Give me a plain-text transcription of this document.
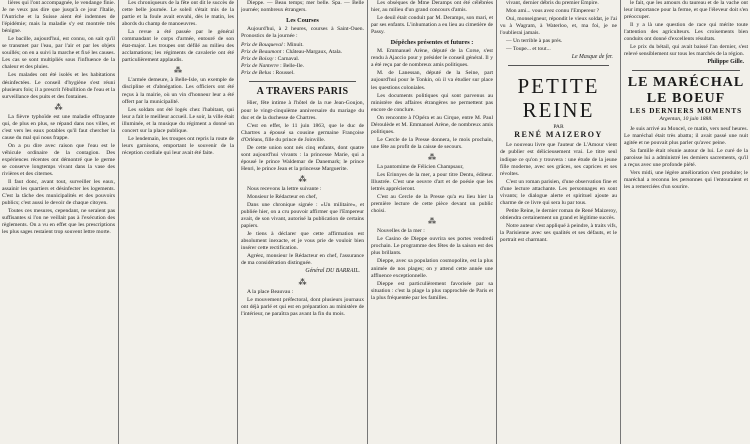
lières qui l'ont accompagnée, le vendange finie. Je ne veux pas dire que jusqu'à ce jour l'Italie, l'Autriche et la Suisse aient été indemnes de l'épidémie; mais la maladie s'y est montrée très bénigne.

Le bacille, aujourd'hui, est connu, on sait qu'il se transmet par l'eau, par l'air et par les objets souillés; on en a suivi la marche et fixé les causes. Les cas se sont multipliés sous l'influence de la chaleur et des pluies.

Les malades ont été isolés et les habitations désinfectées. Le conseil d'hygiène s'est réuni plusieurs fois; il a prescrit l'ébullition de l'eau et la surveillance des puits et des fontaines.

⁂

La fièvre typhoïde est une maladie effrayante qui, de plus en plus, se répand dans nos villes, et c'est vers les eaux potables qu'il faut chercher la cause du mal qui nous frappe.

On a pu dire avec raison que l'eau est le véhicule ordinaire de la contagion. Des expériences récentes ont démontré que le germe se conserve longtemps vivant dans la vase des rivières et des citernes.

Il faut donc, avant tout, surveiller les eaux, assainir les quartiers et désinfecter les logements. C'est la tâche des municipalités et des pouvoirs publics; c'est aussi le devoir de chaque citoyen.

Toutes ces mesures, cependant, ne seraient pas suffisantes si l'on ne veillait pas à l'exécution des règlements. On a vu en effet que les prescriptions les plus sages restaient trop souvent lettre morte.

Les chroniqueurs de la fête ont dit le succès de cette belle journée. Le soleil s'était mis de la partie et la foule avait envahi, dès le matin, les abords du champ de manoeuvres.

La revue a été passée par le général commandant le corps d'armée, entouré de son état-major. Les troupes ont défilé au milieu des acclamations; les régiments de cavalerie ont été particulièrement applaudis.

⁂

L'armée demeure, à Belle-Isle, un exemple de discipline et d'abnégation. Les officiers ont été reçus à la mairie, où un vin d'honneur leur a été offert par la municipalité.

Les soldats ont été logés chez l'habitant, qui leur a fait le meilleur accueil. Le soir, la ville était illuminée, et la musique du régiment a donné un concert sur la place publique.

Le lendemain, les troupes ont repris la route de leurs garnisons, emportant le souvenir de la réception cordiale qui leur avait été faite.

Dieppe. — Beau temps; mer belle. Spa. — Belle journée; nombreux étrangers.

Les Courses

Aujourd'hui, à 2 heures, courses à Saint-Ouen. Pronostics de la journée :

Prix de Bouqueval : Minuit.
Prix de Beaumont : Château-Margaux, Atala.
Prix de Boissy : Carnaval.
Prix de Nanterre : Belle-Ile.
Prix de Belus : Roussel.
A TRAVERS PARIS

Hier, fête intime à l'hôtel de la rue Jean-Goujon, pour le vingt-cinquième anniversaire du mariage du duc et de la duchesse de Chartres.

C'est en effet, le 11 juin 1863, que le duc de Chartres a épousé sa cousine germaine Françoise d'Orléans, fille du prince de Joinville.

De cette union sont nés cinq enfants, dont quatre sont aujourd'hui vivants : la princesse Marie, qui a épousé le prince Waldemar de Danemark; le prince Henri, le prince Jean et la princesse Marguerite.

⁂

Nous recevons la lettre suivante :

Monsieur le Rédacteur en chef,

Dans une chronique signée : «Un militaire», et publiée hier, on a cru pouvoir affirmer que l'Empereur avait, de son vivant, autorisé la publication de certains papiers.

Je tiens à déclarer que cette affirmation est absolument inexacte, et je vous prie de vouloir bien insérer cette rectification.

Agréez, monsieur le Rédacteur en chef, l'assurance de ma considération distinguée.

Général DU BARRAIL.
⁂

A la place Beauvau :

Le mouvement préfectoral, dont plusieurs journaux ont déjà parlé et qui est en préparation au ministère de l'intérieur, ne paraîtra pas avant la fin du mois.

Les obsèques de Mme Deramps ont été célébrées hier, au milieu d'un grand concours d'amis.

Le deuil était conduit par M. Deramps, son mari, et par ses enfants. L'inhumation a eu lieu au cimetière de Passy.

Dépêches présentes et futures :

M. Emmanuel Arène, député de la Corse, s'est rendu à Ajaccio pour y présider le conseil général. Il y a été reçu par de nombreux amis politiques.

M. de Lanessan, député de la Seine, part aujourd'hui pour le Tonkin, où il va étudier sur place les questions coloniales.

Les documents politiques qui sont parvenus au ministère des affaires étrangères ne permettent pas encore de conclure.

On rencontre à l'Opéra et au Cirque, entre M. Paul Déroulède et M. Emmanuel Arène, de nombreux amis politiques.

Le Cercle de la Presse donnera, le mois prochain, une fête au profit de la caisse de secours.

⁂

La pantomime de Félicien Champsaur,

Les Erinnyes de la mer, a pour titre Dentu, éditeur. Illustrée. C'est une oeuvre d'art et de poésie que les lettrés apprécieront.

C'est au Cercle de la Presse qu'a eu lieu hier la première lecture de cette pièce devant un public choisi.

⁂

Nouvelles de la mer :

Le Casino de Dieppe ouvrira ses portes vendredi prochain. Le programme des fêtes de la saison est des plus brillants.

Dieppe, avec sa population cosmopolite, est la plus animée de nos plages; on y attend cette année une affluence exceptionnelle.

Dieppe est particulièrement favorisée par sa situation : c'est la plage la plus rapprochée de Paris et la plus fréquentée par les familles.

vivant, dernier débris du premier Empire.

Mon ami... vous avez connu l'Empereur ?

Oui, monseigneur, répondit le vieux soldat, je l'ai vu à Wagram, à Waterloo, et, ma foi, je ne l'oublierai jamais.

— Un terrible à pas prés.

— Toupe... et tout...

Le Masque de fer.
PETITE REINE
PAR
RENÉ MAIZEROY

Le nouveau livre que l'auteur de L'Amour vient de publier est délicieusement vrai. Le titre seul indique ce qu'on y trouvera : une étude de la jeune fille moderne, avec ses grâces, ses caprices et ses révoltes.

C'est un roman parisien, d'une observation fine et d'une lecture attachante. Les personnages en sont vivants; le dialogue alerte et spirituel ajoute au charme de ce livre qui sera lu par tous.

Petite Reine, le dernier roman de René Maizeroy, obtiendra certainement un grand et légitime succès.

Notre auteur s'est appliqué à peindre, à traits vifs, la Parisienne avec ses qualités et ses défauts, et le portrait est charmant.

le fait, que les amours du taureau et de la vache ont leur importance pour la ferme, et que l'éleveur doit s'en préoccuper.

Il y a là une question de race qui mérite toute l'attention des agriculteurs. Les croisements bien conduits ont donné d'excellents résultats.

Le prix du bétail, qui avait baissé l'an dernier, s'est relevé sensiblement sur tous les marchés de la région.

Philippe Gille.
LE MARÉCHAL LE BOEUF
LES DERNIERS MOMENTS
Argentan, 10 juin 1888.

Je suis arrivé au Moncel, ce matin, vers neuf heures. Le maréchal était très abattu; il avait passé une nuit agitée et ne pouvait plus parler qu'avec peine.

Sa famille était réunie autour de lui. Le curé de la paroisse lui a administré les derniers sacrements, qu'il a reçus avec une profonde piété.

Vers midi, une légère amélioration s'est produite; le maréchal a reconnu les personnes qui l'entouraient et les a remerciées d'un sourire.
